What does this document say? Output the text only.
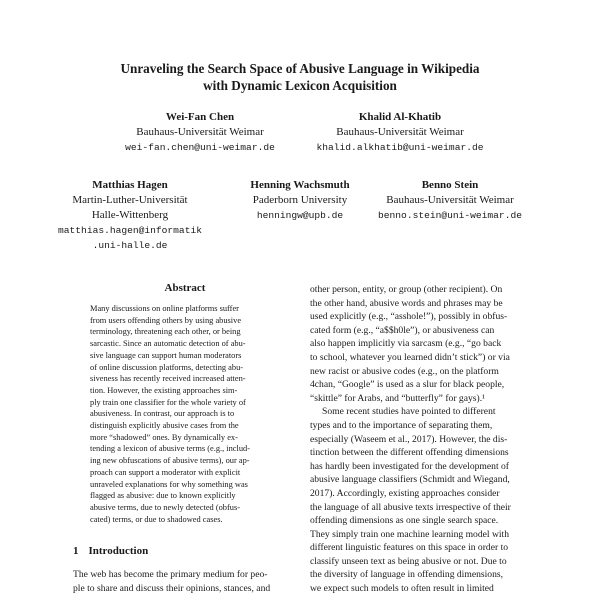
Unraveling the Search Space of Abusive Language in Wikipedia
with Dynamic Lexicon Acquisition
Wei-Fan Chen
Bauhaus-Universität Weimar
wei-fan.chen@uni-weimar.de
Khalid Al-Khatib
Bauhaus-Universität Weimar
khalid.alkhatib@uni-weimar.de
Matthias Hagen
Martin-Luther-Universität
Halle-Wittenberg
matthias.hagen@informatik
.uni-halle.de
Henning Wachsmuth
Paderborn University
henningw@upb.de
Benno Stein
Bauhaus-Universität Weimar
benno.stein@uni-weimar.de
Abstract
Many discussions on online platforms suffer
from users offending others by using abusive
terminology, threatening each other, or being
sarcastic. Since an automatic detection of abu-
sive language can support human moderators
of online discussion platforms, detecting abu-
siveness has recently received increased atten-
tion. However, the existing approaches sim-
ply train one classifier for the whole variety of
abusiveness. In contrast, our approach is to
distinguish explicitly abusive cases from the
more “shadowed” ones. By dynamically ex-
tending a lexicon of abusive terms (e.g., includ-
ing new obfuscations of abusive terms), our ap-
proach can support a moderator with explicit
unraveled explanations for why something was
flagged as abusive: due to known explicitly
abusive terms, due to newly detected (obfus-
cated) terms, or due to shadowed cases.
1 Introduction
The web has become the primary medium for peo-
ple to share and discuss their opinions, stances, and
other person, entity, or group (other recipient). On
the other hand, abusive words and phrases may be
used explicitly (e.g., “asshole!”), possibly in obfus-
cated form (e.g., “a$$h0le”), or abusiveness can
also happen implicitly via sarcasm (e.g., “go back
to school, whatever you learned didn’t stick”) or via
new racist or abusive codes (e.g., on the platform
4chan, “Google” is used as a slur for black people,
“skittle” for Arabs, and “butterfly” for gays).¹
Some recent studies have pointed to different
types and to the importance of separating them,
especially (Waseem et al., 2017). However, the dis-
tinction between the different offending dimensions
has hardly been investigated for the development of
abusive language classifiers (Schmidt and Wiegand,
2017). Accordingly, existing approaches consider
the language of all abusive texts irrespective of their
offending dimensions as one single search space.
They simply train one machine learning model with
different linguistic features on this space in order to
classify unseen text as being abusive or not. Due to
the diversity of language in offending dimensions,
we expect such models to often result in limited
